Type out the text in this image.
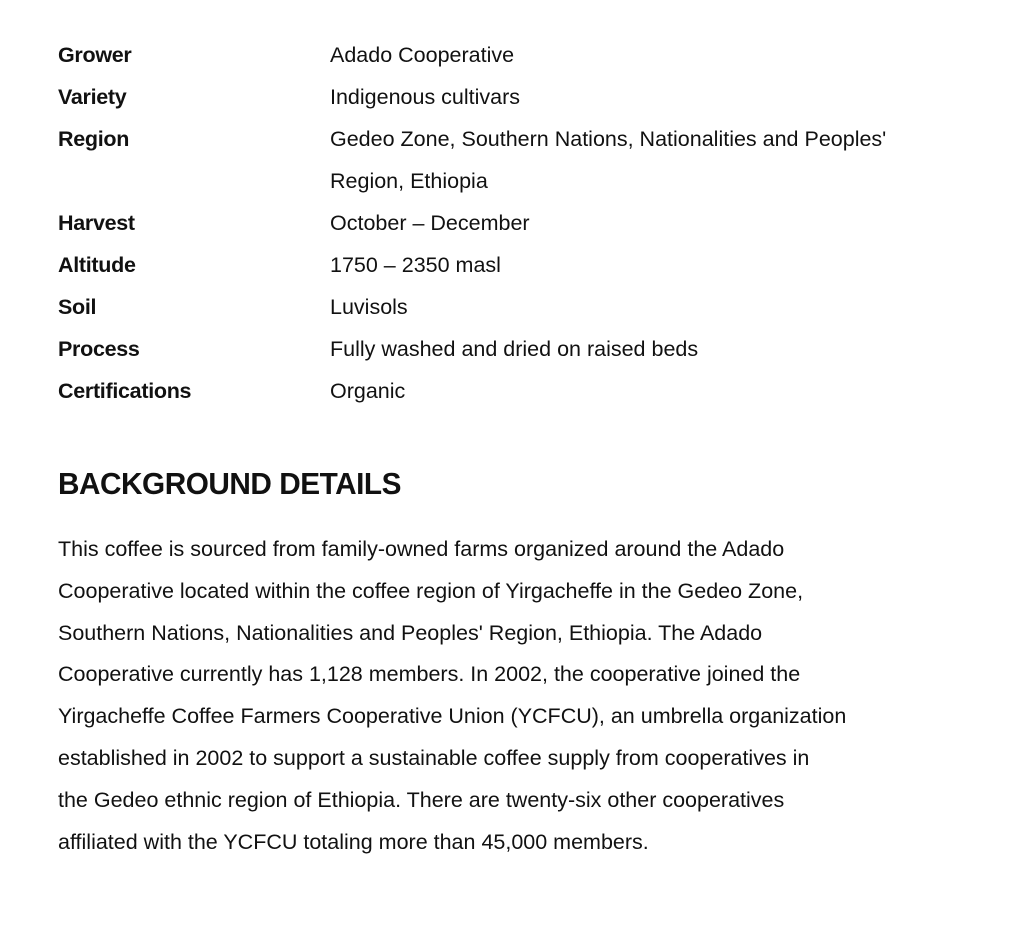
Grower	Adado Cooperative
Variety	Indigenous cultivars
Region	Gedeo Zone, Southern Nations, Nationalities and Peoples' Region, Ethiopia
Harvest	October – December
Altitude	1750 – 2350 masl
Soil	Luvisols
Process	Fully washed and dried on raised beds
Certifications	Organic
BACKGROUND DETAILS
This coffee is sourced from family-owned farms organized around the Adado
Cooperative located within the coffee region of Yirgacheffe in the Gedeo Zone,
Southern Nations, Nationalities and Peoples' Region, Ethiopia. The Adado
Cooperative currently has 1,128 members. In 2002, the cooperative joined the
Yirgacheffe Coffee Farmers Cooperative Union (YCFCU), an umbrella organization
established in 2002 to support a sustainable coffee supply from cooperatives in
the Gedeo ethnic region of Ethiopia. There are twenty-six other cooperatives
affiliated with the YCFCU totaling more than 45,000 members.
